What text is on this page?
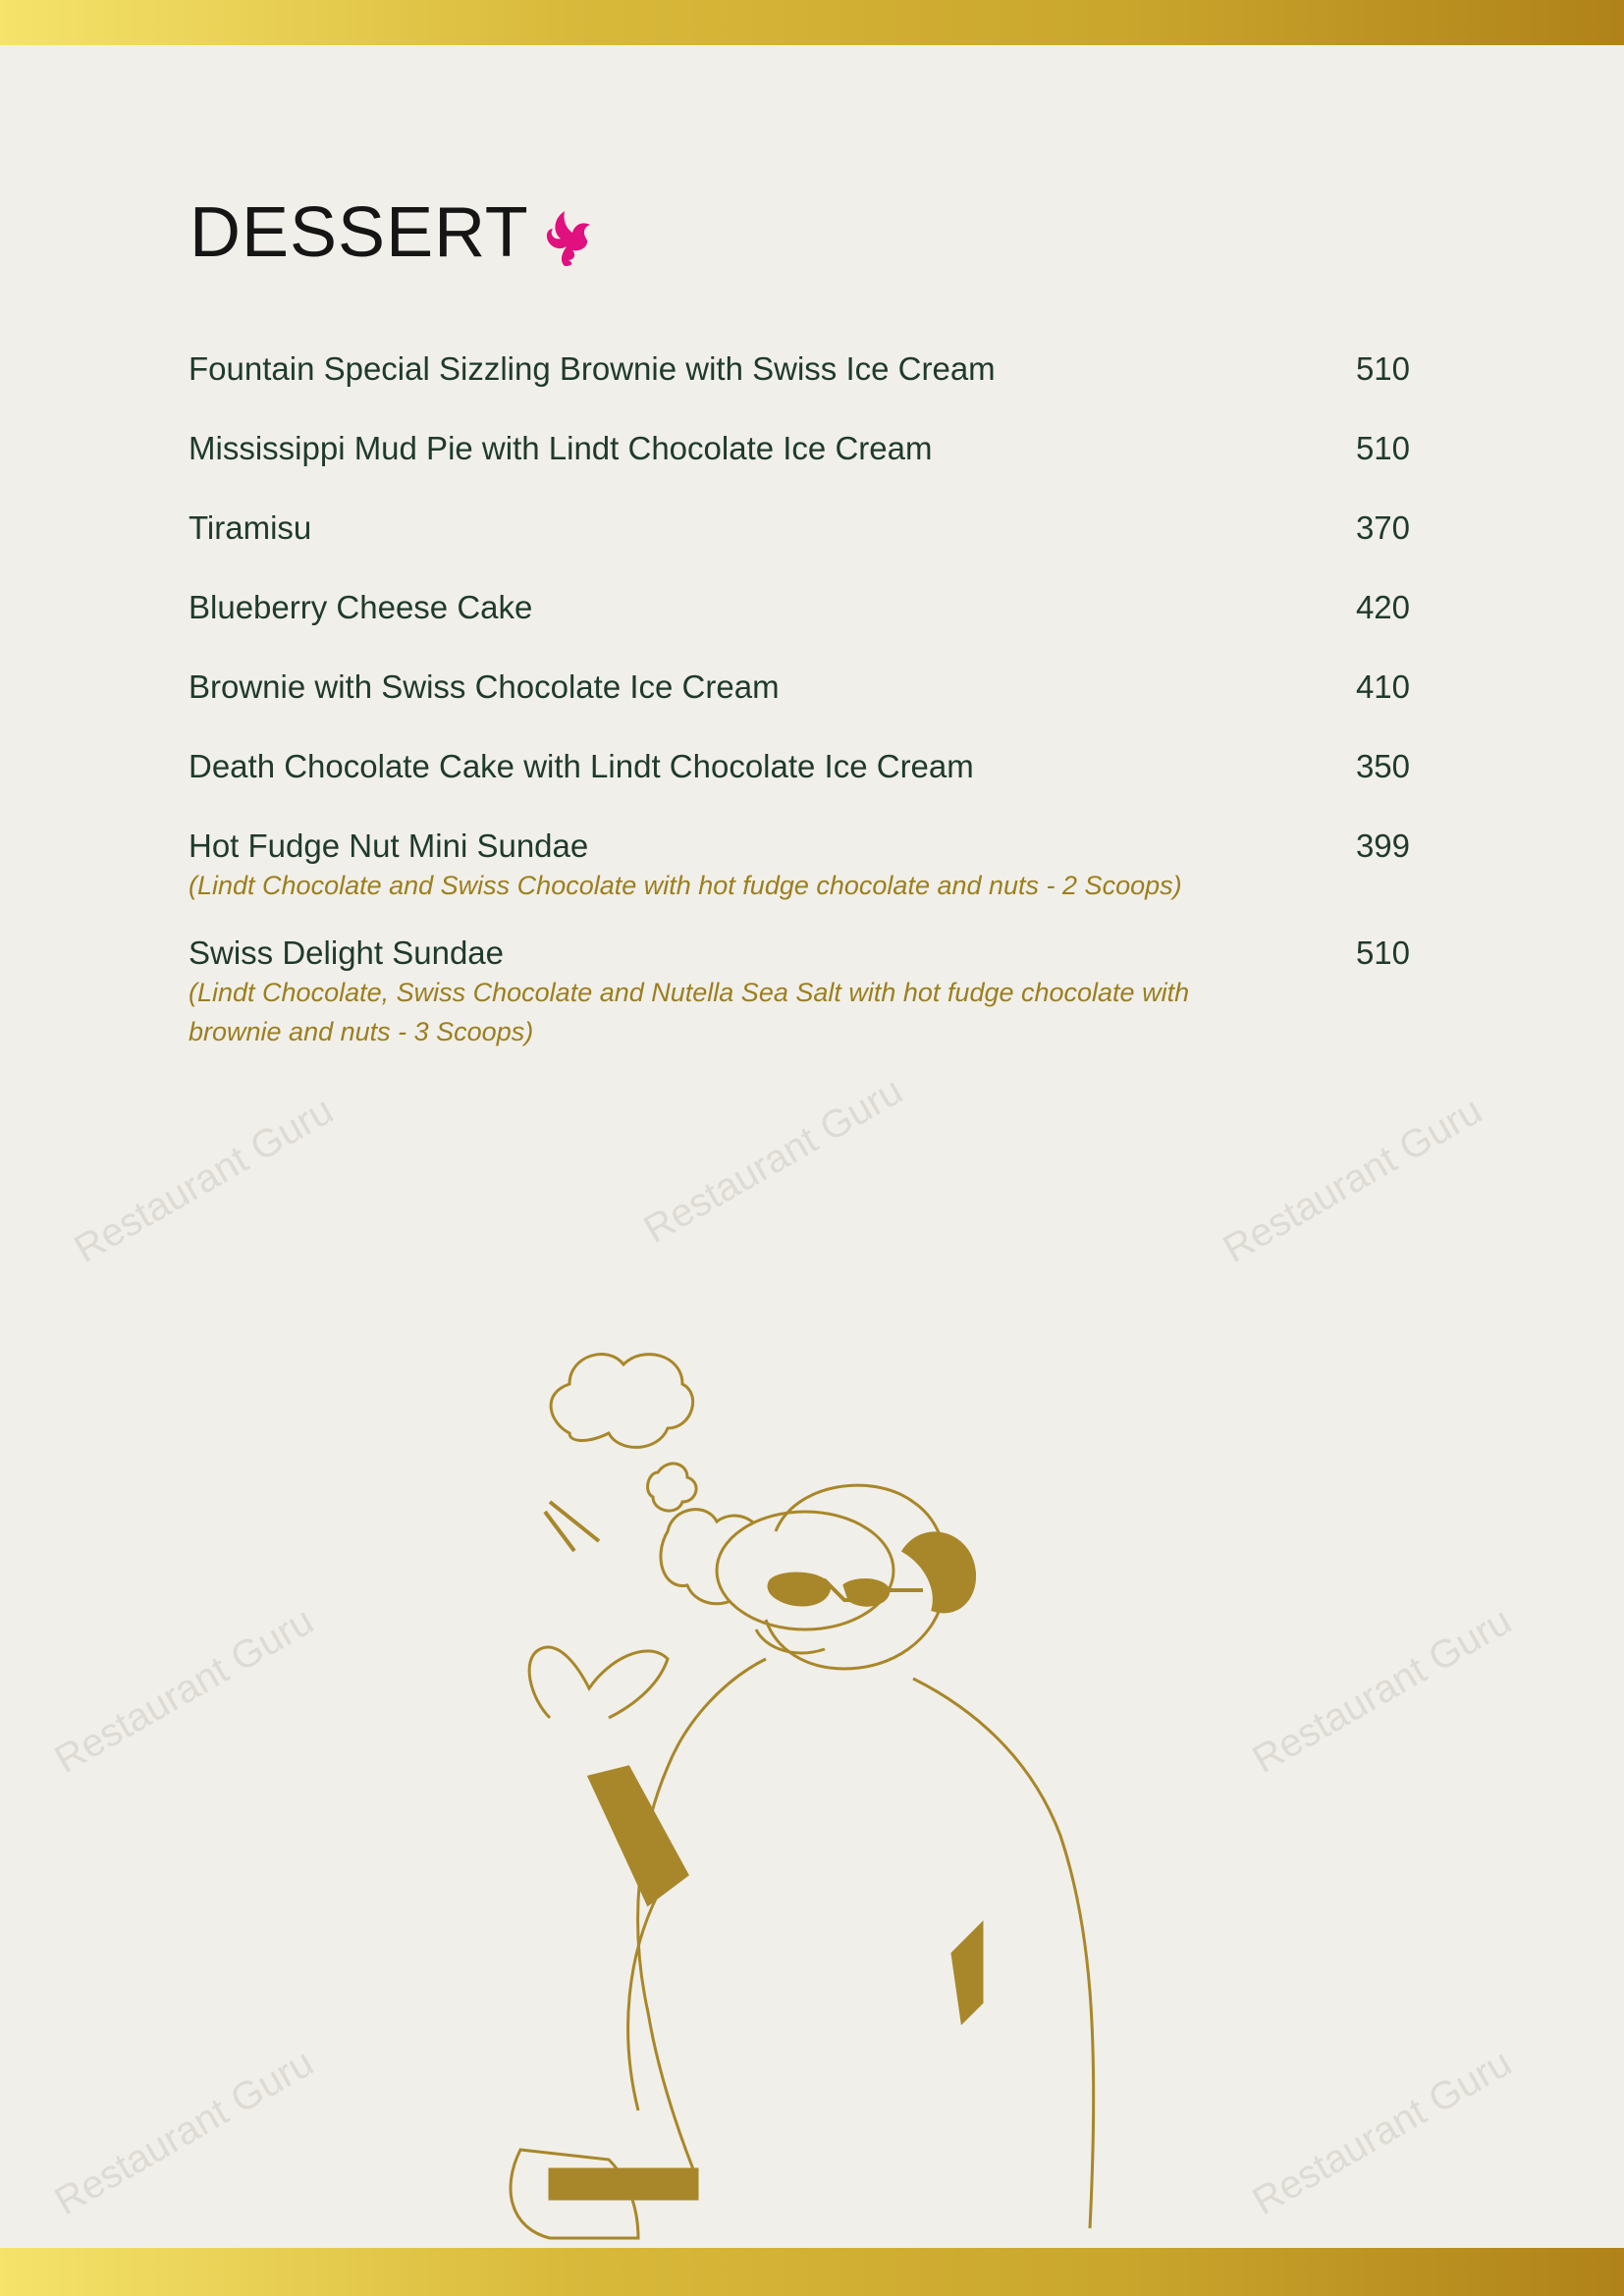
Restaurant Guru	Restaurant Guru	Restaurant Guru
Restaurant Guru	Restaurant Guru
Restaurant Guru	Restaurant Guru
DESSERT
Fountain Special Sizzling Brownie with Swiss Ice Cream	510
Mississippi Mud Pie with Lindt Chocolate Ice Cream	510
Tiramisu	370
Blueberry Cheese Cake	420
Brownie with Swiss Chocolate Ice Cream	410
Death Chocolate Cake with Lindt Chocolate Ice Cream	350
Hot Fudge Nut Mini Sundae	399
(Lindt Chocolate and Swiss Chocolate with hot fudge chocolate and nuts - 2 Scoops)
Swiss Delight Sundae	510
(Lindt Chocolate, Swiss Chocolate and Nutella Sea Salt with hot fudge chocolate with brownie and nuts - 3 Scoops)
